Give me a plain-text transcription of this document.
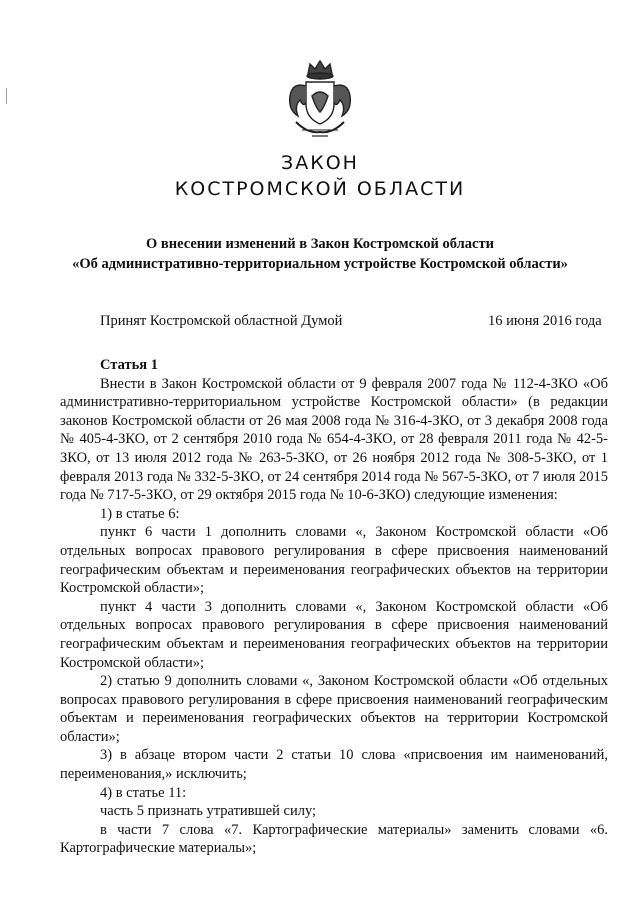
ЗАКОН
КОСТРОМСКОЙ ОБЛАСТИ
О внесении изменений в Закон Костромской области
«Об административно-территориальном устройстве Костромской области»
Принят Костромской областной Думой	16 июня 2016 года

Статья 1

Внести в Закон Костромской области от 9 февраля 2007 года № 112-4-ЗКО «Об административно-территориальном устройстве Костромской области» (в редакции законов Костромской области от 26 мая 2008 года № 316-4-ЗКО, от 3 декабря 2008 года № 405-4-ЗКО, от 2 сентября 2010 года № 654-4-ЗКО, от 28 февраля 2011 года № 42-5-ЗКО, от 13 июля 2012 года № 263-5-ЗКО, от 26 ноября 2012 года № 308-5-ЗКО, от 1 февраля 2013 года № 332-5-ЗКО, от 24 сентября 2014 года № 567-5-ЗКО, от 7 июля 2015 года № 717-5-ЗКО, от 29 октября 2015 года № 10-6-ЗКО) следующие изменения:

1) в статье 6:

пункт 6 части 1 дополнить словами «, Законом Костромской области «Об отдельных вопросах правового регулирования в сфере присвоения наименований географическим объектам и переименования географических объектов на территории Костромской области»;

пункт 4 части 3 дополнить словами «, Законом Костромской области «Об отдельных вопросах правового регулирования в сфере присвоения наименований географическим объектам и переименования географических объектов на территории Костромской области»;

2) статью 9 дополнить словами «, Законом Костромской области «Об отдельных вопросах правового регулирования в сфере присвоения наименований географическим объектам и переименования географических объектов на территории Костромской области»;

3) в абзаце втором части 2 статьи 10 слова «присвоения им наименований, переименования,» исключить;

4) в статье 11:

часть 5 признать утратившей силу;

в части 7 слова «7. Картографические материалы» заменить словами «6. Картографические материалы»;
